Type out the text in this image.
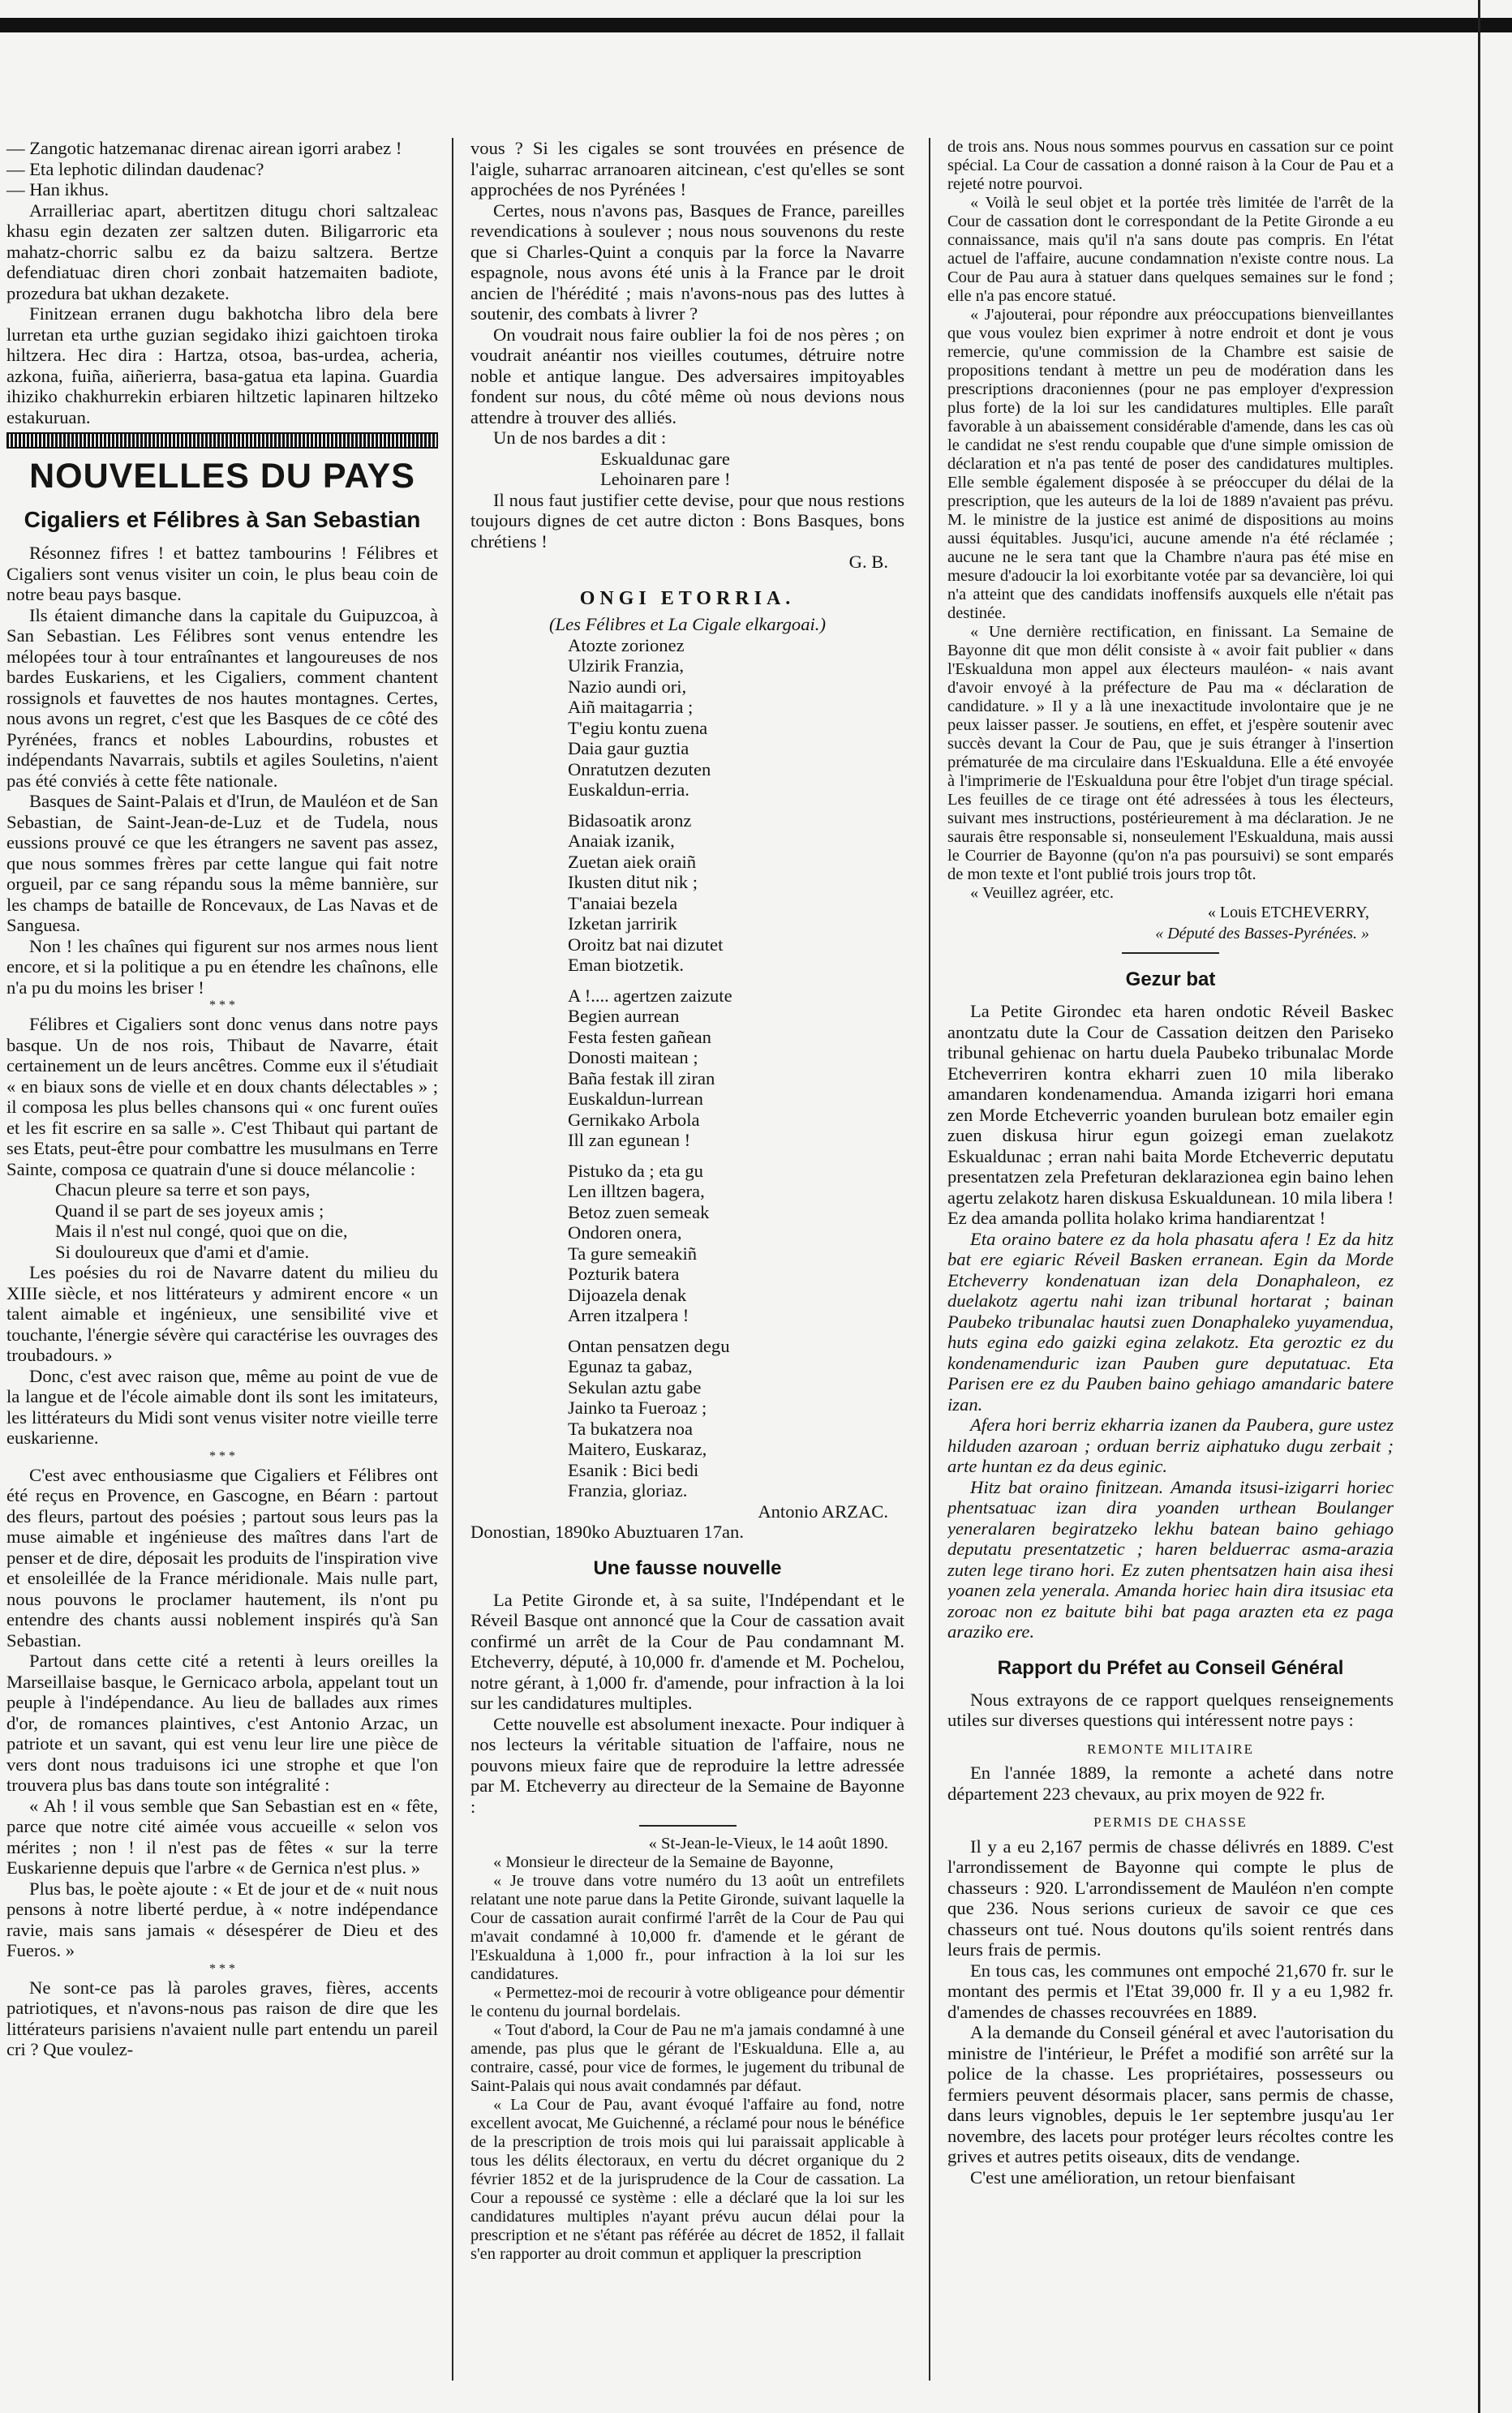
— Zangotic hatzemanac direnac airean igorri arabez !

— Eta lephotic dilindan daudenac?

— Han ikhus.

Arrailleriac apart, abertitzen ditugu chori saltzaleac khasu egin dezaten zer saltzen duten. Biligarroric eta mahatz-chorric salbu ez da baizu saltzera. Bertze defendiatuac diren chori zonbait hatzemaiten badiote, prozedura bat ukhan dezakete.

Finitzean erranen dugu bakhotcha libro dela bere lurretan eta urthe guzian segidako ihizi gaichtoen tiroka hiltzera. Hec dira : Hartza, otsoa, bas-urdea, acheria, azkona, fuiña, aiñerierra, basa-gatua eta lapina. Guardia ihiziko chakhurrekin erbiaren hiltzetic lapinaren hiltzeko estakuruan.

NOUVELLES DU PAYS
Cigaliers et Félibres à San Sebastian

Résonnez fifres ! et battez tambourins ! Félibres et Cigaliers sont venus visiter un coin, le plus beau coin de notre beau pays basque.

Ils étaient dimanche dans la capitale du Guipuzcoa, à San Sebastian. Les Félibres sont venus entendre les mélopées tour à tour entraînantes et langoureuses de nos bardes Euskariens, et les Cigaliers, comment chantent rossignols et fauvettes de nos hautes montagnes. Certes, nous avons un regret, c'est que les Basques de ce côté des Pyrénées, francs et nobles Labourdins, robustes et indépendants Navarrais, subtils et agiles Souletins, n'aient pas été conviés à cette fête nationale.

Basques de Saint-Palais et d'Irun, de Mauléon et de San Sebastian, de Saint-Jean-de-Luz et de Tudela, nous eussions prouvé ce que les étrangers ne savent pas assez, que nous sommes frères par cette langue qui fait notre orgueil, par ce sang répandu sous la même bannière, sur les champs de bataille de Roncevaux, de Las Navas et de Sanguesa.

Non ! les chaînes qui figurent sur nos armes nous lient encore, et si la politique a pu en étendre les chaînons, elle n'a pu du moins les briser !

* * *

Félibres et Cigaliers sont donc venus dans notre pays basque. Un de nos rois, Thibaut de Navarre, était certainement un de leurs ancêtres. Comme eux il s'étudiait « en biaux sons de vielle et en doux chants délectables » ; il composa les plus belles chansons qui « onc furent ouïes et les fit escrire en sa salle ». C'est Thibaut qui partant de ses Etats, peut-être pour combattre les musulmans en Terre Sainte, composa ce quatrain d'une si douce mélancolie :

Chacun pleure sa terre et son pays,

Quand il se part de ses joyeux amis ;

Mais il n'est nul congé, quoi que on die,

Si douloureux que d'ami et d'amie.

Les poésies du roi de Navarre datent du milieu du XIIIe siècle, et nos littérateurs y admirent encore « un talent aimable et ingénieux, une sensibilité vive et touchante, l'énergie sévère qui caractérise les ouvrages des troubadours. »

Donc, c'est avec raison que, même au point de vue de la langue et de l'école aimable dont ils sont les imitateurs, les littérateurs du Midi sont venus visiter notre vieille terre euskarienne.

* * *

C'est avec enthousiasme que Cigaliers et Félibres ont été reçus en Provence, en Gascogne, en Béarn : partout des fleurs, partout des poésies ; partout sous leurs pas la muse aimable et ingénieuse des maîtres dans l'art de penser et de dire, déposait les produits de l'inspiration vive et ensoleillée de la France méridionale. Mais nulle part, nous pouvons le proclamer hautement, ils n'ont pu entendre des chants aussi noblement inspirés qu'à San Sebastian.

Partout dans cette cité a retenti à leurs oreilles la Marseillaise basque, le Gernicaco arbola, appelant tout un peuple à l'indépendance. Au lieu de ballades aux rimes d'or, de romances plaintives, c'est Antonio Arzac, un patriote et un savant, qui est venu leur lire une pièce de vers dont nous traduisons ici une strophe et que l'on trouvera plus bas dans toute son intégralité :

« Ah ! il vous semble que San Sebastian est en « fête, parce que notre cité aimée vous accueille « selon vos mérites ; non ! il n'est pas de fêtes « sur la terre Euskarienne depuis que l'arbre « de Gernica n'est plus. »

Plus bas, le poète ajoute : « Et de jour et de « nuit nous pensons à notre liberté perdue, à « notre indépendance ravie, mais sans jamais « désespérer de Dieu et des Fueros. »

* * *

Ne sont-ce pas là paroles graves, fières, accents patriotiques, et n'avons-nous pas raison de dire que les littérateurs parisiens n'avaient nulle part entendu un pareil cri ? Que voulez-

vous ? Si les cigales se sont trouvées en présence de l'aigle, suharrac arranoaren aitcinean, c'est qu'elles se sont approchées de nos Pyrénées !

Certes, nous n'avons pas, Basques de France, pareilles revendications à soulever ; nous nous souvenons du reste que si Charles-Quint a conquis par la force la Navarre espagnole, nous avons été unis à la France par le droit ancien de l'hérédité ; mais n'avons-nous pas des luttes à soutenir, des combats à livrer ?

On voudrait nous faire oublier la foi de nos pères ; on voudrait anéantir nos vieilles coutumes, détruire notre noble et antique langue. Des adversaires impitoyables fondent sur nous, du côté même où nous devions nous attendre à trouver des alliés.

Un de nos bardes a dit :

Eskualdunac gare

Lehoinaren pare !

Il nous faut justifier cette devise, pour que nous restions toujours dignes de cet autre dicton : Bons Basques, bons chrétiens !

G. B.

ONGI ETORRIA.

(Les Félibres et La Cigale elkargoai.)

Atozte zorionez

Ulzirik Franzia,

Nazio aundi ori,

Aiñ maitagarria ;

T'egiu kontu zuena

Daia gaur guztia

Onratutzen dezuten

Euskaldun-erria.

Bidasoatik aronz

Anaiak izanik,

Zuetan aiek oraiñ

Ikusten ditut nik ;

T'anaiai bezela

Izketan jarririk

Oroitz bat nai dizutet

Eman biotzetik.

A !.... agertzen zaizute

Begien aurrean

Festa festen gañean

Donosti maitean ;

Baña festak ill ziran

Euskaldun-lurrean

Gernikako Arbola

Ill zan egunean !

Pistuko da ; eta gu

Len illtzen bagera,

Betoz zuen semeak

Ondoren onera,

Ta gure semeakiñ

Pozturik batera

Dijoazela denak

Arren itzalpera !

Ontan pensatzen degu

Egunaz ta gabaz,

Sekulan aztu gabe

Jainko ta Fueroaz ;

Ta bukatzera noa

Maitero, Euskaraz,

Esanik : Bici bedi

Franzia, gloriaz.

Antonio ARZAC.

Donostian, 1890ko Abuztuaren 17an.

Une fausse nouvelle

La Petite Gironde et, à sa suite, l'Indépendant et le Réveil Basque ont annoncé que la Cour de cassation avait confirmé un arrêt de la Cour de Pau condamnant M. Etcheverry, député, à 10,000 fr. d'amende et M. Pochelou, notre gérant, à 1,000 fr. d'amende, pour infraction à la loi sur les candidatures multiples.

Cette nouvelle est absolument inexacte. Pour indiquer à nos lecteurs la véritable situation de l'affaire, nous ne pouvons mieux faire que de reproduire la lettre adressée par M. Etcheverry au directeur de la Semaine de Bayonne :

« St-Jean-le-Vieux, le 14 août 1890.

« Monsieur le directeur de la Semaine de Bayonne,

« Je trouve dans votre numéro du 13 août un entrefilets relatant une note parue dans la Petite Gironde, suivant laquelle la Cour de cassation aurait confirmé l'arrêt de la Cour de Pau qui m'avait condamné à 10,000 fr. d'amende et le gérant de l'Eskualduna à 1,000 fr., pour infraction à la loi sur les candidatures.

« Permettez-moi de recourir à votre obligeance pour démentir le contenu du journal bordelais.

« Tout d'abord, la Cour de Pau ne m'a jamais condamné à une amende, pas plus que le gérant de l'Eskualduna. Elle a, au contraire, cassé, pour vice de formes, le jugement du tribunal de Saint-Palais qui nous avait condamnés par défaut.

« La Cour de Pau, avant évoqué l'affaire au fond, notre excellent avocat, Me Guichenné, a réclamé pour nous le bénéfice de la prescription de trois mois qui lui paraissait applicable à tous les délits électoraux, en vertu du décret organique du 2 février 1852 et de la jurisprudence de la Cour de cassation. La Cour a repoussé ce système : elle a déclaré que la loi sur les candidatures multiples n'ayant prévu aucun délai pour la prescription et ne s'étant pas référée au décret de 1852, il fallait s'en rapporter au droit commun et appliquer la prescription

de trois ans. Nous nous sommes pourvus en cassation sur ce point spécial. La Cour de cassation a donné raison à la Cour de Pau et a rejeté notre pourvoi.

« Voilà le seul objet et la portée très limitée de l'arrêt de la Cour de cassation dont le correspondant de la Petite Gironde a eu connaissance, mais qu'il n'a sans doute pas compris. En l'état actuel de l'affaire, aucune condamnation n'existe contre nous. La Cour de Pau aura à statuer dans quelques semaines sur le fond ; elle n'a pas encore statué.

« J'ajouterai, pour répondre aux préoccupations bienveillantes que vous voulez bien exprimer à notre endroit et dont je vous remercie, qu'une commission de la Chambre est saisie de propositions tendant à mettre un peu de modération dans les prescriptions draconiennes (pour ne pas employer d'expression plus forte) de la loi sur les candidatures multiples. Elle paraît favorable à un abaissement considérable d'amende, dans les cas où le candidat ne s'est rendu coupable que d'une simple omission de déclaration et n'a pas tenté de poser des candidatures multiples. Elle semble également disposée à se préoccuper du délai de la prescription, que les auteurs de la loi de 1889 n'avaient pas prévu. M. le ministre de la justice est animé de dispositions au moins aussi équitables. Jusqu'ici, aucune amende n'a été réclamée ; aucune ne le sera tant que la Chambre n'aura pas été mise en mesure d'adoucir la loi exorbitante votée par sa devancière, loi qui n'a atteint que des candidats inoffensifs auxquels elle n'était pas destinée.

« Une dernière rectification, en finissant. La Semaine de Bayonne dit que mon délit consiste à « avoir fait publier « dans l'Eskualduna mon appel aux électeurs mauléon- « nais avant d'avoir envoyé à la préfecture de Pau ma « déclaration de candidature. » Il y a là une inexactitude involontaire que je ne peux laisser passer. Je soutiens, en effet, et j'espère soutenir avec succès devant la Cour de Pau, que je suis étranger à l'insertion prématurée de ma circulaire dans l'Eskualduna. Elle a été envoyée à l'imprimerie de l'Eskualduna pour être l'objet d'un tirage spécial. Les feuilles de ce tirage ont été adressées à tous les électeurs, suivant mes instructions, postérieurement à ma déclaration. Je ne saurais être responsable si, nonseulement l'Eskualduna, mais aussi le Courrier de Bayonne (qu'on n'a pas poursuivi) se sont emparés de mon texte et l'ont publié trois jours trop tôt.

« Veuillez agréer, etc.

« Louis ETCHEVERRY,

« Député des Basses-Pyrénées. »

Gezur bat

La Petite Girondec eta haren ondotic Réveil Baskec anontzatu dute la Cour de Cassation deitzen den Pariseko tribunal gehienac on hartu duela Paubeko tribunalac Morde Etcheverriren kontra ekharri zuen 10 mila liberako amandaren kondenamendua. Amanda izigarri hori emana zen Morde Etcheverric yoanden burulean botz emailer egin zuen diskusa hirur egun goizegi eman zuelakotz Eskualdunac ; erran nahi baita Morde Etcheverric deputatu presentatzen zela Prefeturan deklarazionea egin baino lehen agertu zelakotz haren diskusa Eskualdunean. 10 mila libera ! Ez dea amanda pollita holako krima handiarentzat !

Eta oraino batere ez da hola phasatu afera ! Ez da hitz bat ere egiaric Réveil Basken erranean. Egin da Morde Etcheverry kondenatuan izan dela Donaphaleon, ez duelakotz agertu nahi izan tribunal hortarat ; bainan Paubeko tribunalac hautsi zuen Donaphaleko yuyamendua, huts egina edo gaizki egina zelakotz. Eta geroztic ez du kondenamenduric izan Pauben gure deputatuac. Eta Parisen ere ez du Pauben baino gehiago amandaric batere izan.

Afera hori berriz ekharria izanen da Paubera, gure ustez hilduden azaroan ; orduan berriz aiphatuko dugu zerbait ; arte huntan ez da deus eginic.

Hitz bat oraino finitzean. Amanda itsusi-izigarri horiec phentsatuac izan dira yoanden urthean Boulanger yeneralaren begiratzeko lekhu batean baino gehiago deputatu presentatzetic ; haren belduerrac asma-arazia zuten lege tirano hori. Ez zuten phentsatzen hain aisa ihesi yoanen zela yenerala. Amanda horiec hain dira itsusiac eta zoroac non ez baitute bihi bat paga arazten eta ez paga araziko ere.

Rapport du Préfet au Conseil Général

Nous extrayons de ce rapport quelques renseignements utiles sur diverses questions qui intéressent notre pays :

REMONTE MILITAIRE

En l'année 1889, la remonte a acheté dans notre département 223 chevaux, au prix moyen de 922 fr.

PERMIS DE CHASSE

Il y a eu 2,167 permis de chasse délivrés en 1889. C'est l'arrondissement de Bayonne qui compte le plus de chasseurs : 920. L'arrondissement de Mauléon n'en compte que 236. Nous serions curieux de savoir ce que ces chasseurs ont tué. Nous doutons qu'ils soient rentrés dans leurs frais de permis.

En tous cas, les communes ont empoché 21,670 fr. sur le montant des permis et l'Etat 39,000 fr. Il y a eu 1,982 fr. d'amendes de chasses recouvrées en 1889.

A la demande du Conseil général et avec l'autorisation du ministre de l'intérieur, le Préfet a modifié son arrêté sur la police de la chasse. Les propriétaires, possesseurs ou fermiers peuvent désormais placer, sans permis de chasse, dans leurs vignobles, depuis le 1er septembre jusqu'au 1er novembre, des lacets pour protéger leurs récoltes contre les grives et autres petits oiseaux, dits de vendange.

C'est une amélioration, un retour bienfaisant
